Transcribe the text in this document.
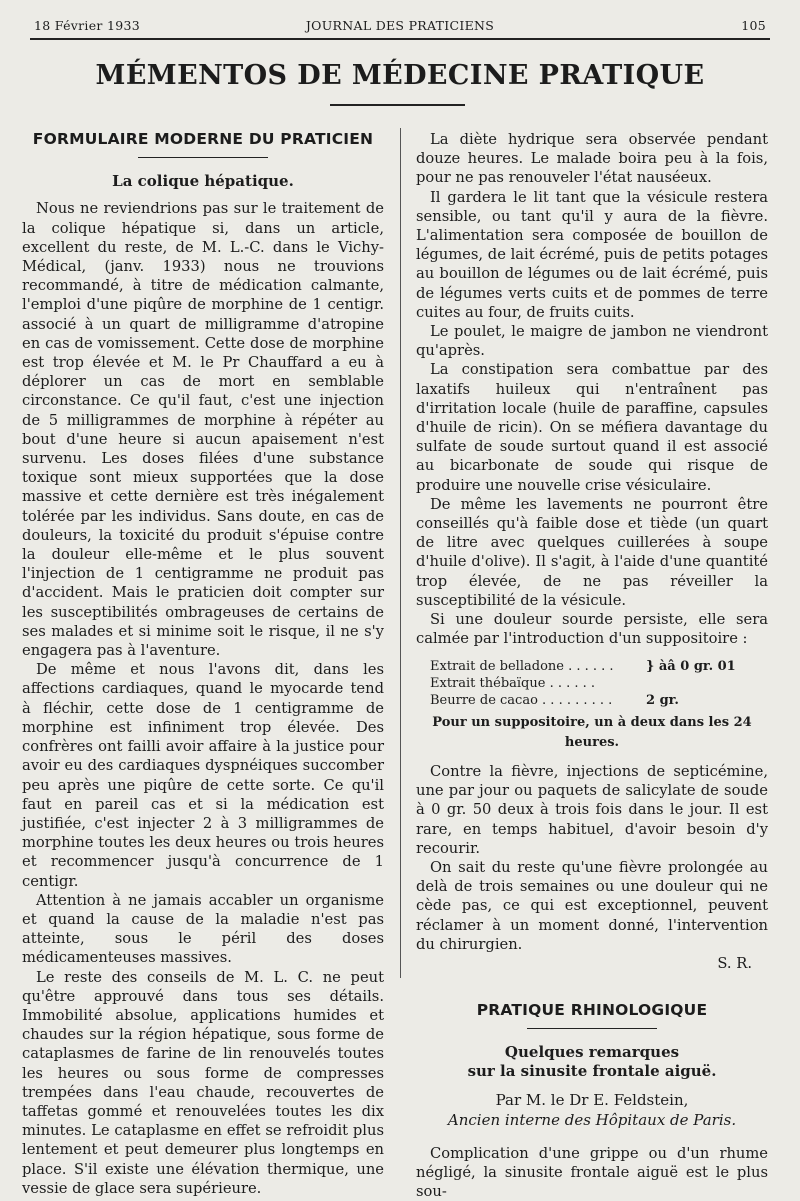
18 Février 1933	JOURNAL DES PRATICIENS	105
MÉMENTOS DE MÉDECINE PRATIQUE
FORMULAIRE MODERNE DU PRATICIEN
La colique hépatique.

Nous ne reviendrions pas sur le traitement de la colique hépatique si, dans un article, excellent du reste, de M. L.-C. dans le Vichy-Médical, (janv. 1933) nous ne trouvions recommandé, à titre de médication calmante, l'emploi d'une piqûre de morphine de 1 centigr. associé à un quart de milligramme d'atropine en cas de vomissement. Cette dose de morphine est trop élevée et M. le Pr Chauffard a eu à déplorer un cas de mort en semblable circonstance. Ce qu'il faut, c'est une injection de 5 milligrammes de morphine à répéter au bout d'une heure si aucun apaisement n'est survenu. Les doses filées d'une substance toxique sont mieux supportées que la dose massive et cette dernière est très inégalement tolérée par les individus. Sans doute, en cas de douleurs, la toxicité du produit s'épuise contre la douleur elle-même et le plus souvent l'injection de 1 centigramme ne produit pas d'accident. Mais le praticien doit compter sur les susceptibilités ombrageuses de certains de ses malades et si minime soit le risque, il ne s'y engagera pas à l'aventure.

De même et nous l'avons dit, dans les affections cardiaques, quand le myocarde tend à fléchir, cette dose de 1 centigramme de morphine est infiniment trop élevée. Des confrères ont failli avoir affaire à la justice pour avoir eu des cardiaques dyspnéiques succomber peu après une piqûre de cette sorte. Ce qu'il faut en pareil cas et si la médication est justifiée, c'est injecter 2 à 3 milligrammes de morphine toutes les deux heures ou trois heures et recommencer jusqu'à concurrence de 1 centigr.

Attention à ne jamais accabler un organisme et quand la cause de la maladie n'est pas atteinte, sous le péril des doses médicamenteuses massives.

Le reste des conseils de M. L. C. ne peut qu'être approuvé dans tous ses détails. Immobilité absolue, applications humides et chaudes sur la région hépatique, sous forme de cataplasmes de farine de lin renouvelés toutes les heures ou sous forme de compresses trempées dans l'eau chaude, recouvertes de taffetas gommé et renouvelées toutes les dix minutes. Le cataplasme en effet se refroidit plus lentement et peut demeurer plus longtemps en place. S'il existe une élévation thermique, une vessie de glace sera supérieure.

La diète hydrique sera observée pendant douze heures. Le malade boira peu à la fois, pour ne pas renouveler l'état nauséeux.

Il gardera le lit tant que la vésicule restera sensible, ou tant qu'il y aura de la fièvre. L'alimentation sera composée de bouillon de légumes, de lait écrémé, puis de petits potages au bouillon de légumes ou de lait écrémé, puis de légumes verts cuits et de pommes de terre cuites au four, de fruits cuits.

Le poulet, le maigre de jambon ne viendront qu'après.

La constipation sera combattue par des laxatifs huileux qui n'entraînent pas d'irritation locale (huile de paraffine, capsules d'huile de ricin). On se méfiera davantage du sulfate de soude surtout quand il est associé au bicarbonate de soude qui risque de produire une nouvelle crise vésiculaire.

De même les lavements ne pourront être conseillés qu'à faible dose et tiède (un quart de litre avec quelques cuillerées à soupe d'huile d'olive). Il s'agit, à l'aide d'une quantité trop élevée, de ne pas réveiller la susceptibilité de la vésicule.

Si une douleur sourde persiste, elle sera calmée par l'introduction d'un suppositoire :

Extrait de belladone . . . . . .	} àâ 0 gr. 01
Extrait thébaïque . . . . . .
Beurre de cacao . . . . . . . . .	2 gr.
Pour un suppositoire, un à deux dans les 24 heures.

Contre la fièvre, injections de septicémine, une par jour ou paquets de salicylate de soude à 0 gr. 50 deux à trois fois dans le jour. Il est rare, en temps habituel, d'avoir besoin d'y recourir.

On sait du reste qu'une fièvre prolongée au delà de trois semaines ou une douleur qui ne cède pas, ce qui est exceptionnel, peuvent réclamer à un moment donné, l'intervention du chirurgien.

S. R.
PRATIQUE RHINOLOGIQUE
Quelques remarques
sur la sinusite frontale aiguë.
Par M. le Dr E. Feldstein,
Ancien interne des Hôpitaux de Paris.

Complication d'une grippe ou d'un rhume négligé, la sinusite frontale aiguë est le plus sou-
